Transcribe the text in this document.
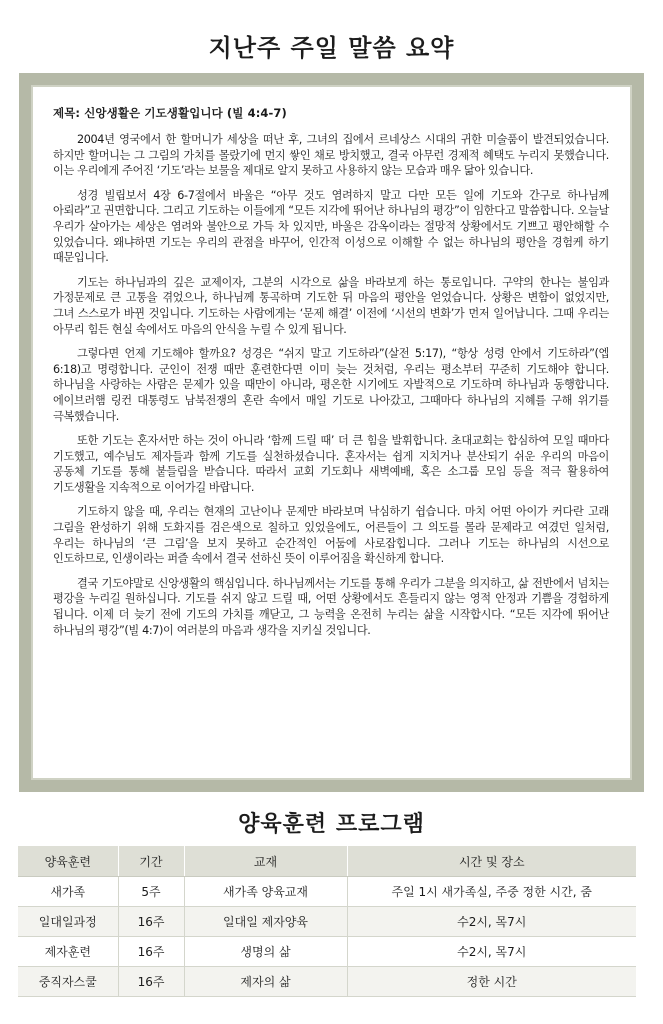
지난주 주일 말씀 요약
제목: 신앙생활은 기도생활입니다 (빌 4:4-7)

2004년 영국에서 한 할머니가 세상을 떠난 후, 그녀의 집에서 르네상스 시대의 귀한 미술품이 발견되었습니다. 하지만 할머니는 그 그림의 가치를 몰랐기에 먼지 쌓인 채로 방치했고, 결국 아무런 경제적 혜택도 누리지 못했습니다. 이는 우리에게 주어진 ‘기도’라는 보물을 제대로 알지 못하고 사용하지 않는 모습과 매우 닮아 있습니다.

성경 빌립보서 4장 6-7절에서 바울은 “아무 것도 염려하지 말고 다만 모든 일에 기도와 간구로 하나님께 아뢰라”고 권면합니다. 그리고 기도하는 이들에게 “모든 지각에 뛰어난 하나님의 평강”이 임한다고 말씀합니다. 오늘날 우리가 살아가는 세상은 염려와 불안으로 가득 차 있지만, 바울은 감옥이라는 절망적 상황에서도 기쁘고 평안해할 수 있었습니다. 왜냐하면 기도는 우리의 관점을 바꾸어, 인간적 이성으로 이해할 수 없는 하나님의 평안을 경험케 하기 때문입니다.

기도는 하나님과의 깊은 교제이자, 그분의 시각으로 삶을 바라보게 하는 통로입니다. 구약의 한나는 불임과 가정문제로 큰 고통을 겪었으나, 하나님께 통곡하며 기도한 뒤 마음의 평안을 얻었습니다. 상황은 변함이 없었지만, 그녀 스스로가 바뀐 것입니다. 기도하는 사람에게는 ‘문제 해결’ 이전에 ‘시선의 변화’가 먼저 일어납니다. 그때 우리는 아무리 힘든 현실 속에서도 마음의 안식을 누릴 수 있게 됩니다.

그렇다면 언제 기도해야 할까요? 성경은 “쉬지 말고 기도하라”(살전 5:17), “항상 성령 안에서 기도하라”(엡 6:18)고 명령합니다. 군인이 전쟁 때만 훈련한다면 이미 늦는 것처럼, 우리는 평소부터 꾸준히 기도해야 합니다. 하나님을 사랑하는 사람은 문제가 있을 때만이 아니라, 평온한 시기에도 자발적으로 기도하며 하나님과 동행합니다. 에이브러햄 링컨 대통령도 남북전쟁의 혼란 속에서 매일 기도로 나아갔고, 그때마다 하나님의 지혜를 구해 위기를 극복했습니다.

또한 기도는 혼자서만 하는 것이 아니라 ‘함께 드릴 때’ 더 큰 힘을 발휘합니다. 초대교회는 합심하여 모일 때마다 기도했고, 예수님도 제자들과 함께 기도를 실천하셨습니다. 혼자서는 쉽게 지치거나 분산되기 쉬운 우리의 마음이 공동체 기도를 통해 붙들림을 받습니다. 따라서 교회 기도회나 새벽예배, 혹은 소그룹 모임 등을 적극 활용하여 기도생활을 지속적으로 이어가길 바랍니다.

기도하지 않을 때, 우리는 현재의 고난이나 문제만 바라보며 낙심하기 쉽습니다. 마치 어떤 아이가 커다란 고래 그림을 완성하기 위해 도화지를 검은색으로 칠하고 있었을에도, 어른들이 그 의도를 몰라 문제라고 여겼던 일처럼, 우리는 하나님의 ‘큰 그림’을 보지 못하고 순간적인 어둠에 사로잡힙니다. 그러나 기도는 하나님의 시선으로 인도하므로, 인생이라는 퍼즐 속에서 결국 선하신 뜻이 이루어짐을 확신하게 합니다.

결국 기도야말로 신앙생활의 핵심입니다. 하나님께서는 기도를 통해 우리가 그분을 의지하고, 삶 전반에서 넘치는 평강을 누리길 원하십니다. 기도를 쉬지 않고 드릴 때, 어떤 상황에서도 흔들리지 않는 영적 안정과 기쁨을 경험하게 됩니다. 이제 더 늦기 전에 기도의 가치를 깨닫고, 그 능력을 온전히 누리는 삶을 시작합시다. “모든 지각에 뛰어난 하나님의 평강”(빌 4:7)이 여러분의 마음과 생각을 지키실 것입니다.

양육훈련 프로그램
양육훈련	기간	교재	시간 및 장소
새가족	5주	새가족 양육교재	주일 1시 새가족실, 주중 정한 시간, 줌
일대일과정	16주	일대일 제자양육	수2시, 목7시
제자훈련	16주	생명의 삶	수2시, 목7시
중직자스쿨	16주	제자의 삶	정한 시간
